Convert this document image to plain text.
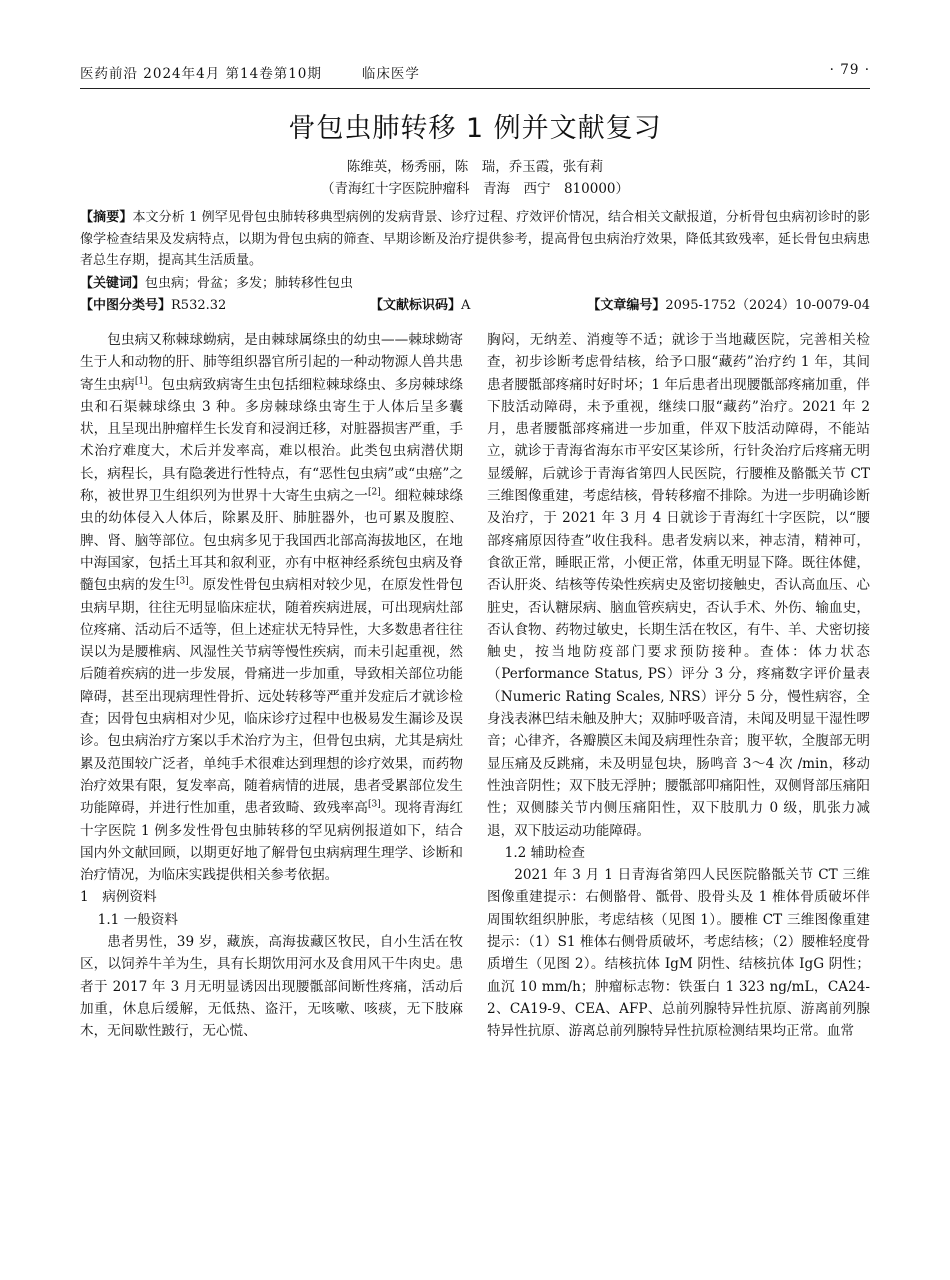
医药前沿 2024年4月 第14卷第10期	临床医学	· 79 ·
骨包虫肺转移 1 例并文献复习
陈维英，杨秀丽，陈　瑞，乔玉霞，张有莉
（青海红十字医院肿瘤科　青海　西宁　810000）
【摘要】本文分析 1 例罕见骨包虫肺转移典型病例的发病背景、诊疗过程、疗效评价情况，结合相关文献报道，分析骨包虫病初诊时的影像学检查结果及发病特点，以期为骨包虫病的筛查、早期诊断及治疗提供参考，提高骨包虫病治疗效果，降低其致残率，延长骨包虫病患者总生存期，提高其生活质量。
【关键词】包虫病；骨盆；多发；肺转移性包虫
【中图分类号】R532.32	【文献标识码】A	【文章编号】2095-1752（2024）10-0079-04

包虫病又称棘球蚴病，是由棘球属绦虫的幼虫——棘球蚴寄生于人和动物的肝、肺等组织器官所引起的一种动物源人兽共患寄生虫病[1]。包虫病致病寄生虫包括细粒棘球绦虫、多房棘球绦虫和石渠棘球绦虫 3 种。多房棘球绦虫寄生于人体后呈多囊状，且呈现出肿瘤样生长发育和浸润迁移，对脏器损害严重，手术治疗难度大，术后并发率高，难以根治。此类包虫病潜伏期长，病程长，具有隐袭进行性特点，有“恶性包虫病”或“虫癌”之称，被世界卫生组织列为世界十大寄生虫病之一[2]。细粒棘球绦虫的幼体侵入人体后，除累及肝、肺脏器外，也可累及腹腔、脾、肾、脑等部位。包虫病多见于我国西北部高海拔地区，在地中海国家，包括土耳其和叙利亚，亦有中枢神经系统包虫病及脊髓包虫病的发生[3]。原发性骨包虫病相对较少见，在原发性骨包虫病早期，往往无明显临床症状，随着疾病进展，可出现病灶部位疼痛、活动后不适等，但上述症状无特异性，大多数患者往往误以为是腰椎病、风湿性关节病等慢性疾病，而未引起重视，然后随着疾病的进一步发展，骨痛进一步加重，导致相关部位功能障碍，甚至出现病理性骨折、远处转移等严重并发症后才就诊检查；因骨包虫病相对少见，临床诊疗过程中也极易发生漏诊及误诊。包虫病治疗方案以手术治疗为主，但骨包虫病，尤其是病灶累及范围较广泛者，单纯手术很难达到理想的诊疗效果，而药物治疗效果有限，复发率高，随着病情的进展，患者受累部位发生功能障碍，并进行性加重，患者致畸、致残率高[3]。现将青海红十字医院 1 例多发性骨包虫肺转移的罕见病例报道如下，结合国内外文献回顾，以期更好地了解骨包虫病病理生理学、诊断和治疗情况，为临床实践提供相关参考依据。

1　病例资料

1.1 一般资料

患者男性，39 岁，藏族，高海拔藏区牧民，自小生活在牧区，以饲养牛羊为生，具有长期饮用河水及食用风干牛肉史。患者于 2017 年 3 月无明显诱因出现腰骶部间断性疼痛，活动后加重，休息后缓解，无低热、盗汗，无咳嗽、咳痰，无下肢麻木，无间歇性跛行，无心慌、

胸闷，无纳差、消瘦等不适；就诊于当地藏医院，完善相关检查，初步诊断考虑骨结核，给予口服“藏药”治疗约 1 年，其间患者腰骶部疼痛时好时坏；1 年后患者出现腰骶部疼痛加重，伴下肢活动障碍，未予重视，继续口服“藏药”治疗。2021 年 2 月，患者腰骶部疼痛进一步加重，伴双下肢活动障碍，不能站立，就诊于青海省海东市平安区某诊所，行针灸治疗后疼痛无明显缓解，后就诊于青海省第四人民医院，行腰椎及骼骶关节 CT 三维图像重建，考虑结核，骨转移瘤不排除。为进一步明确诊断及治疗，于 2021 年 3 月 4 日就诊于青海红十字医院，以“腰部疼痛原因待查”收住我科。患者发病以来，神志清，精神可，食欲正常，睡眠正常，小便正常，体重无明显下降。既往体健，否认肝炎、结核等传染性疾病史及密切接触史，否认高血压、心脏史，否认糖尿病、脑血管疾病史，否认手术、外伤、输血史，否认食物、药物过敏史，长期生活在牧区，有牛、羊、犬密切接触史，按当地防疫部门要求预防接种。查体：体力状态（Performance Status, PS）评分 3 分，疼痛数字评价量表（Numeric Rating Scales, NRS）评分 5 分，慢性病容，全身浅表淋巴结未触及肿大；双肺呼吸音清，未闻及明显干湿性啰音；心律齐，各瓣膜区未闻及病理性杂音；腹平软，全腹部无明显压痛及反跳痛，未及明显包块，肠鸣音 3～4 次 /min，移动性浊音阴性；双下肢无浮肿；腰骶部叩痛阳性，双侧肾部压痛阳性；双侧膝关节内侧压痛阳性，双下肢肌力 0 级，肌张力减退，双下肢运动功能障碍。

1.2 辅助检查

2021 年 3 月 1 日青海省第四人民医院骼骶关节 CT 三维图像重建提示：右侧骼骨、骶骨、股骨头及 1 椎体骨质破坏伴周围软组织肿胀，考虑结核（见图 1）。腰椎 CT 三维图像重建提示：（1）S1 椎体右侧骨质破坏，考虑结核；（2）腰椎轻度骨质增生（见图 2）。结核抗体 IgM 阴性、结核抗体 IgG 阴性；血沉 10 mm/h；肿瘤标志物：铁蛋白 1 323 ng/mL，CA24-2、CA19-9、CEA、AFP、总前列腺特异性抗原、游离前列腺特异性抗原、游离总前列腺特异性抗原检测结果均正常。血常
